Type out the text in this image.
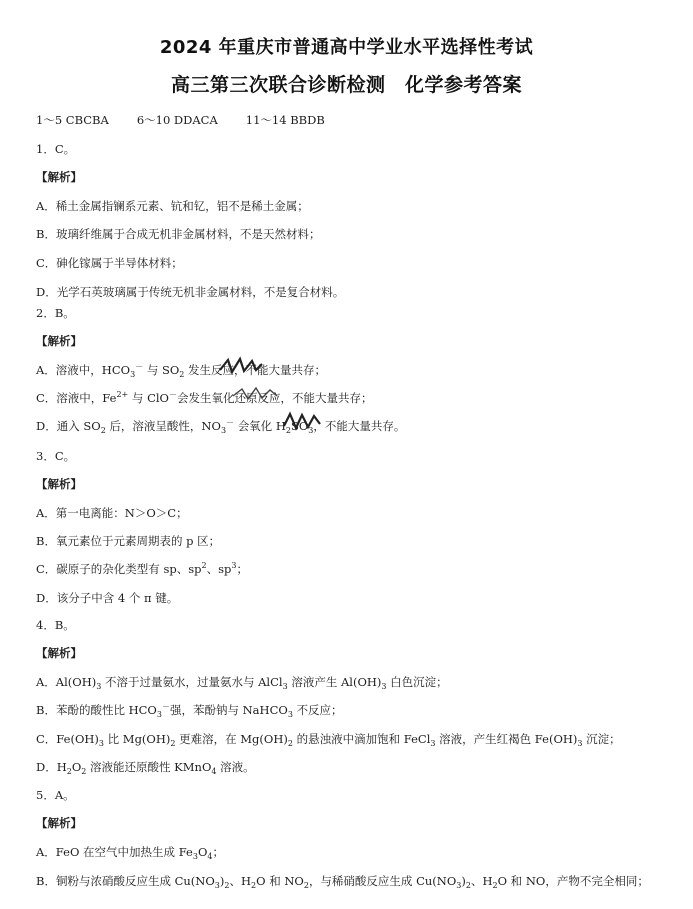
2024 年重庆市普通高中学业水平选择性考试
高三第三次联合诊断检测　化学参考答案
1～5 CBCBA 6～10 DDACA 11～14 BBDB
1．C。
【解析】
A．稀土金属指镧系元素、钪和钇，铝不是稀土金属；
B．玻璃纤维属于合成无机非金属材料，不是天然材料；
C．砷化镓属于半导体材料；
D．光学石英玻璃属于传统无机非金属材料，不是复合材料。
2．B。
【解析】
A．溶液中，$HCO_3^-$ 与 $SO_2$ 发生反应，不能大量共存；
C．溶液中，$Fe^{2+}$ 与 ClO－会发生氧化还原反应，不能大量共存；
D．通入 $SO_2$ 后，溶液呈酸性，$NO_3^-$ 会氧化 $H_2SO_3$，不能大量共存。
3．C。
【解析】
A．第一电离能：N＞O＞C；
B．氧元素位于元素周期表的 p 区；
C．碳原子的杂化类型有 sp、$sp^2$、$sp^3$；
D．该分子中含 4 个 π 键。
4．B。
【解析】
A．$Al(OH)_3$ 不溶于过量氨水，过量氨水与 AlCl$_3$ 溶液产生 $Al(OH)_3$ 白色沉淀；
B．苯酚的酸性比 $HCO_3^-$强，苯酚钠与 NaHCO$_3$ 不反应；
C．$Fe(OH)_3$ 比 $Mg(OH)_2$ 更难溶，在 $Mg(OH)_2$ 的悬浊液中滴加饱和 FeCl$_3$ 溶液，产生红褐色 $Fe(OH)_3$ 沉淀；
D．$H_2O_2$ 溶液能还原酸性 KMnO$_4$ 溶液。
5．A。
【解析】
A．FeO 在空气中加热生成 $Fe_3O_4$；
B．铜粉与浓硝酸反应生成 $Cu(NO_3)_2$、$H_2O$ 和 $NO_2$，与稀硝酸反应生成 $Cu(NO_3)_2$、$H_2O$ 和 NO，产物不完全相同；
